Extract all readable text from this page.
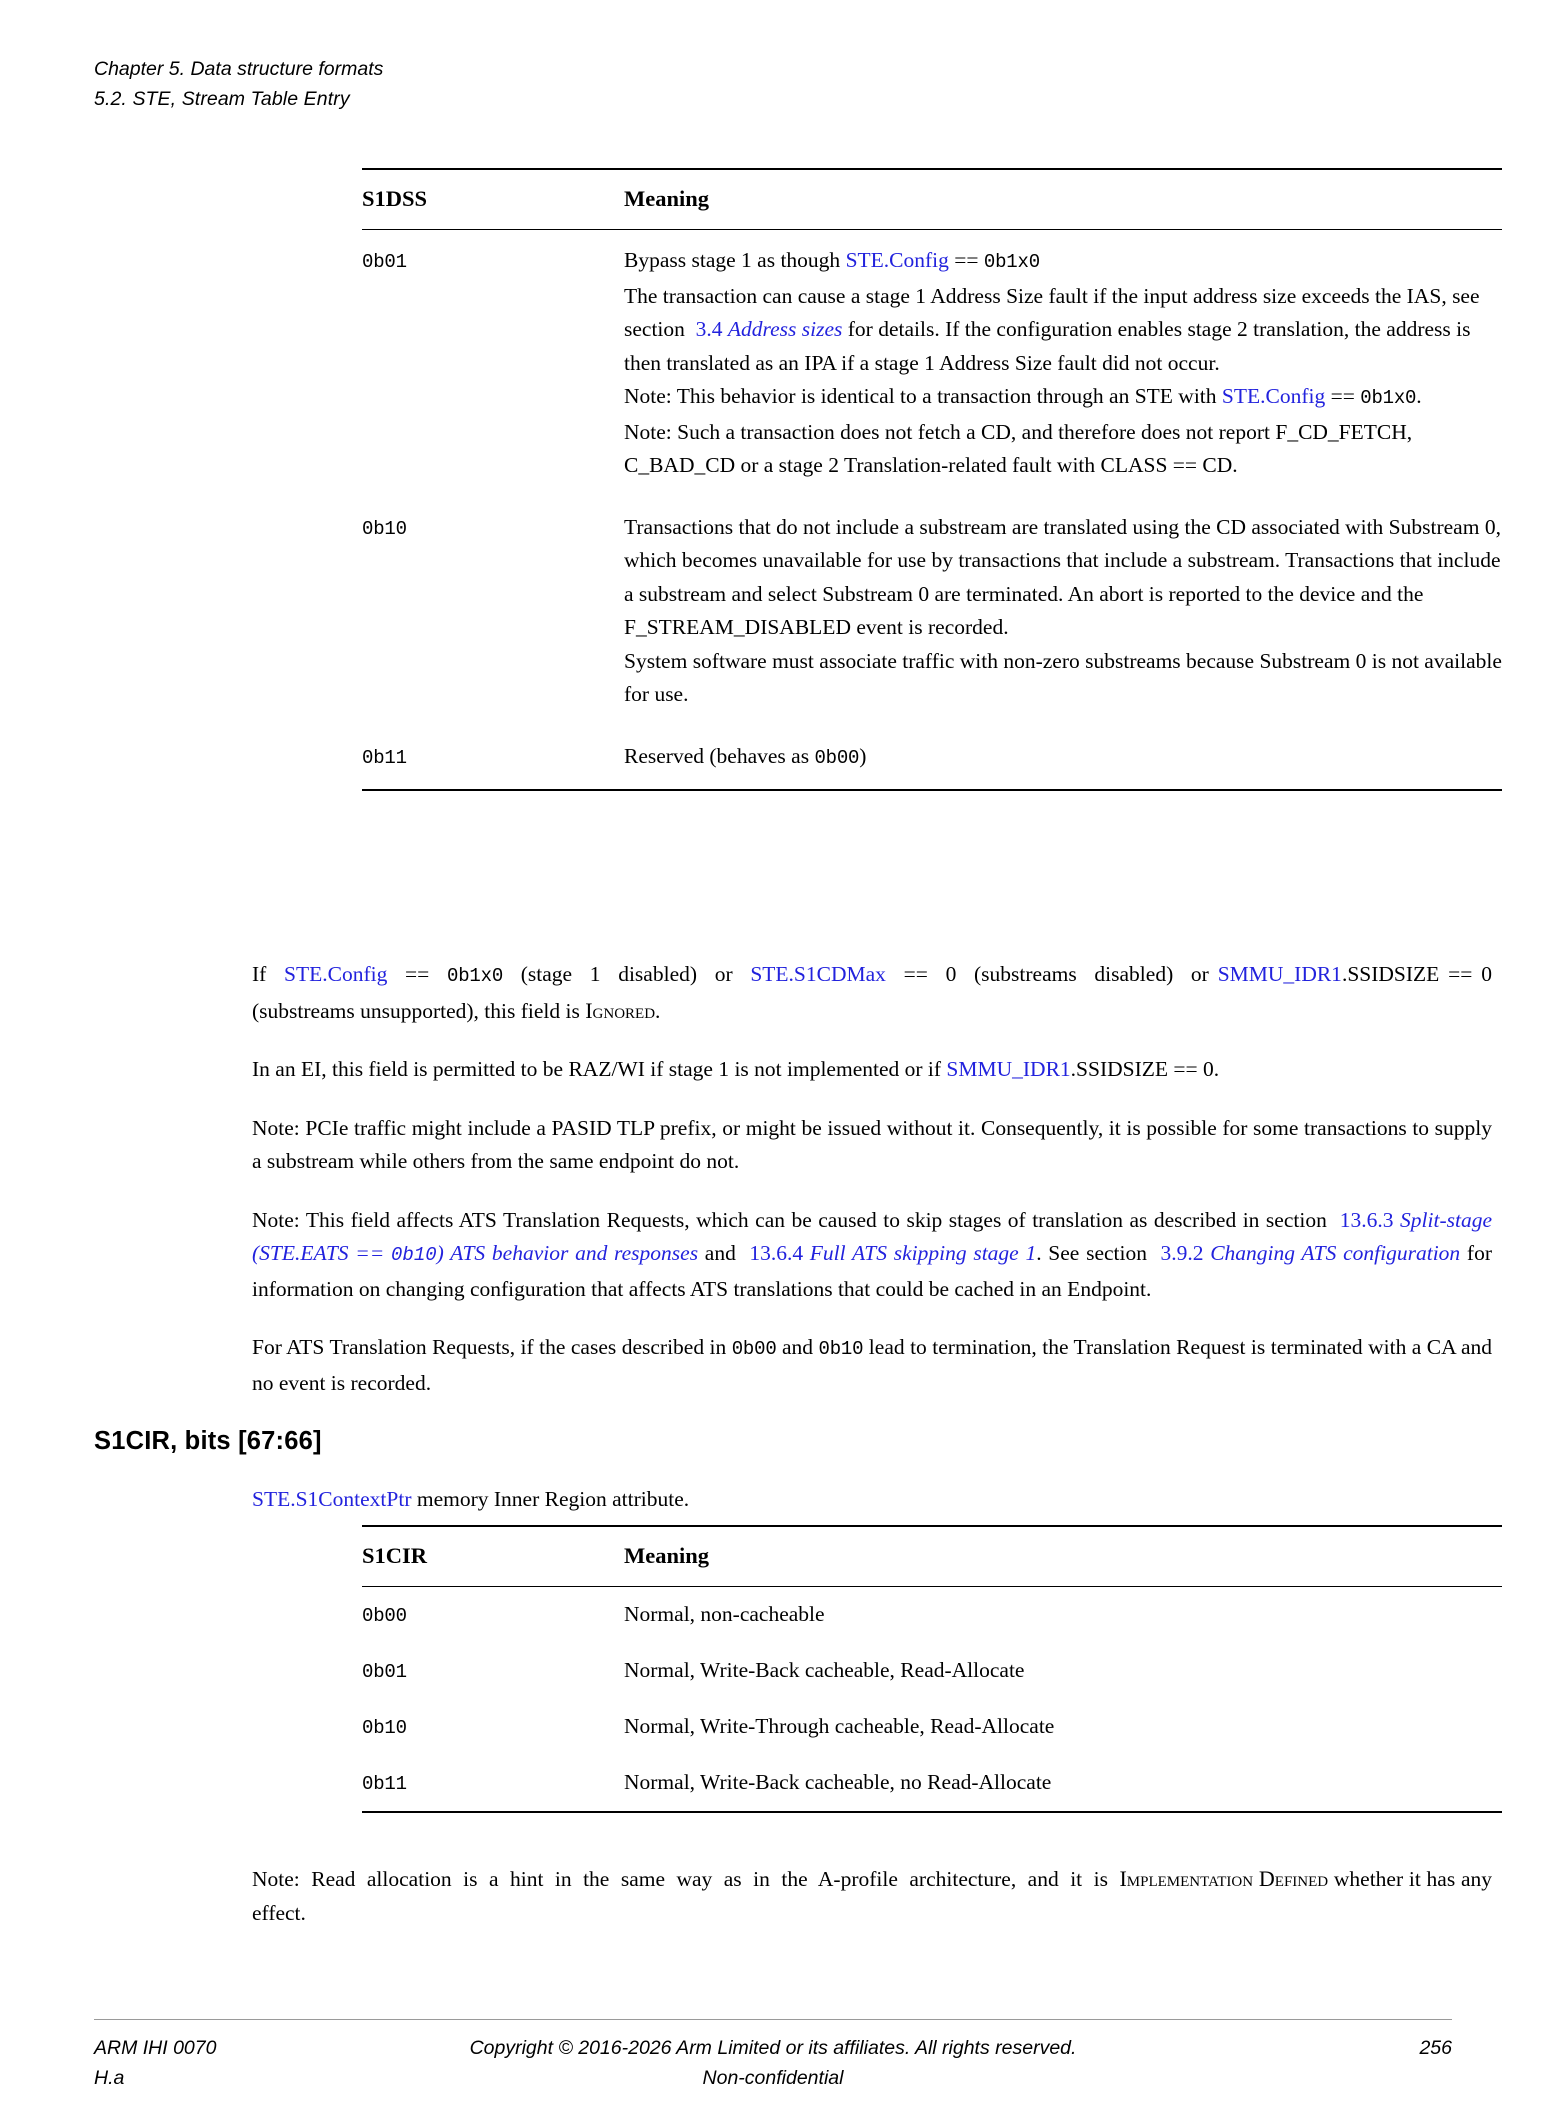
Chapter 5. Data structure formats
5.2. STE, Stream Table Entry
S1DSS	Meaning
0b01	Bypass stage 1 as though STE.Config == 0b1x0
The transaction can cause a stage 1 Address Size fault if the input address size exceeds the IAS, see section  3.4 Address sizes for details. If the configuration enables stage 2 translation, the address is then translated as an IPA if a stage 1 Address Size fault did not occur.
Note: This behavior is identical to a transaction through an STE with STE.Config == 0b1x0.
Note: Such a transaction does not fetch a CD, and therefore does not report F_CD_FETCH, C_BAD_CD or a stage 2 Translation-related fault with CLASS == CD.

0b10	Transactions that do not include a substream are translated using the CD associated with Substream 0, which becomes unavailable for use by transactions that include a substream. Transactions that include a substream and select Substream 0 are terminated. An abort is reported to the device and the F_STREAM_DISABLED event is recorded.
System software must associate traffic with non-zero substreams because Substream 0 is not available for use.

0b11	Reserved (behaves as 0b00)

If  STE.Config  ==  0b1x0  (stage  1  disabled)  or  STE.S1CDMax  ==  0  (substreams  disabled)  or SMMU_IDR1.SSIDSIZE == 0 (substreams unsupported), this field is Ignored.

In an EI, this field is permitted to be RAZ/WI if stage 1 is not implemented or if SMMU_IDR1.SSIDSIZE == 0.

Note: PCIe traffic might include a PASID TLP prefix, or might be issued without it. Consequently, it is possible for some transactions to supply a substream while others from the same endpoint do not.

Note: This field affects ATS Translation Requests, which can be caused to skip stages of translation as described in section  13.6.3 Split-stage (STE.EATS == 0b10) ATS behavior and responses and  13.6.4 Full ATS skipping stage 1. See section  3.9.2 Changing ATS configuration for information on changing configuration that affects ATS translations that could be cached in an Endpoint.

For ATS Translation Requests, if the cases described in 0b00 and 0b10 lead to termination, the Translation Request is terminated with a CA and no event is recorded.

S1CIR, bits [67:66]

STE.S1ContextPtr memory Inner Region attribute.

S1CIR	Meaning
0b00	Normal, non-cacheable
0b01	Normal, Write-Back cacheable, Read-Allocate
0b10	Normal, Write-Through cacheable, Read-Allocate
0b11	Normal, Write-Back cacheable, no Read-Allocate

Note:  Read  allocation  is  a  hint  in  the  same  way  as  in  the  A-profile  architecture,  and  it  is  Implementation Defined whether it has any effect.

ARM IHI 0070	Copyright © 2016-2026 Arm Limited or its affiliates. All rights reserved.	256
H.a	Non-confidential
